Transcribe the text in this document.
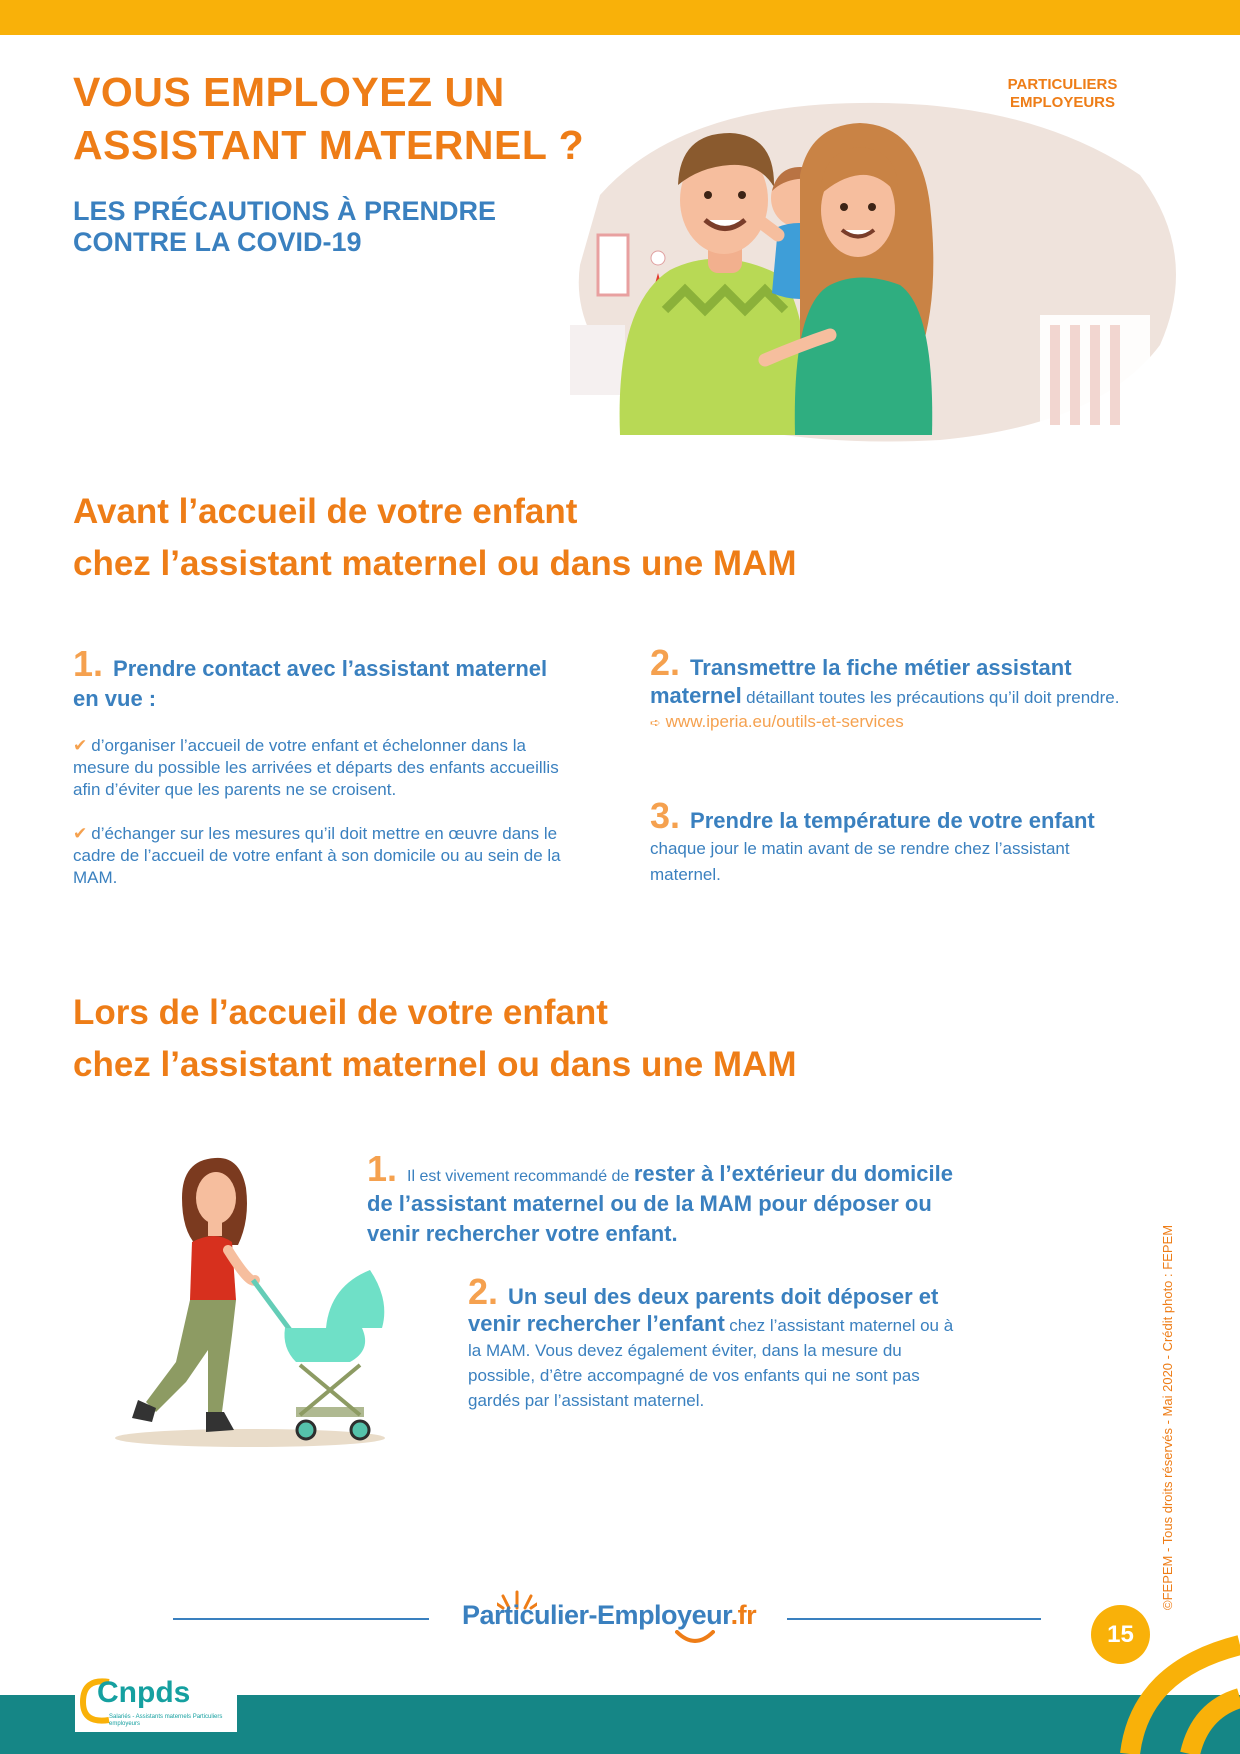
VOUS EMPLOYEZ UN
ASSISTANT MATERNEL ?
LES PRÉCAUTIONS À PRENDRE
CONTRE LA COVID-19
PARTICULIERS
EMPLOYEURS
Avant l’accueil de votre enfant
chez l’assistant maternel ou dans une MAM
1. Prendre contact avec l’assistant maternel en vue :
✔ d’organiser l’accueil de votre enfant et échelonner dans la mesure du possible les arrivées et départs des enfants accueillis afin d’éviter que les parents ne se croisent.
✔ d’échanger sur les mesures qu’il doit mettre en œuvre dans le cadre de l’accueil de votre enfant à son domicile ou au sein de la MAM.
2. Transmettre la fiche métier assistant maternel détaillant toutes les précautions qu’il doit prendre.
➪ www.iperia.eu/outils-et-services
3. Prendre la température de votre enfant chaque jour le matin avant de se rendre chez l’assistant maternel.
Lors de l’accueil de votre enfant
chez l’assistant maternel ou dans une MAM
1. Il est vivement recommandé de rester à l’extérieur du domicile de l’assistant maternel ou de la MAM pour déposer ou venir rechercher votre enfant.
2. Un seul des deux parents doit déposer et venir rechercher l’enfant chez l’assistant maternel ou à la MAM. Vous devez également éviter, dans la mesure du possible, d’être accompagné de vos enfants qui ne sont pas gardés par l’assistant maternel.
Particulier-Employeur.fr
15
©FEPEM - Tous droits réservés - Mai 2020 - Crédit photo : FEPEM
Cnpds
Salariés - Assistants maternels Particuliers employeurs
